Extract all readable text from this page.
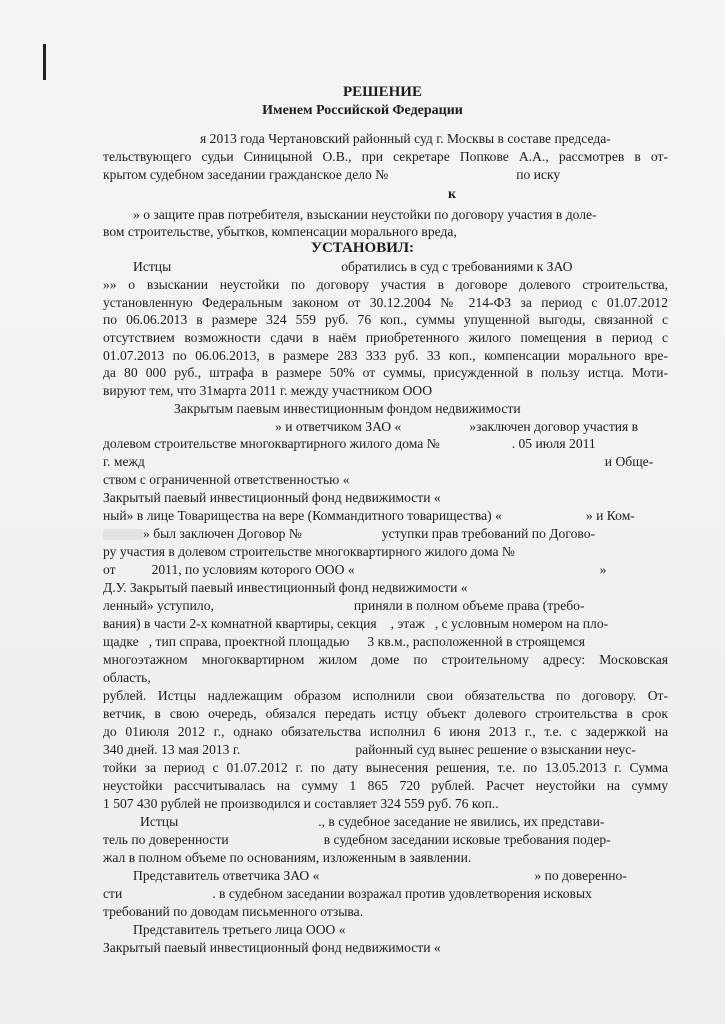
РЕШЕНИЕ
Именем Российской Федерации
я 2013 года Чертановский районный суд г. Москвы в составе председа-
тельствующего судьи Синицыной О.В., при секретаре Попкове А.А., рассмотрев в от-
крытом судебном заседании гражданское дело №	по иску
к
» о защите прав потребителя, взыскании неустойки по договору участия в доле-
вом строительстве, убытков, компенсации морального вреда,
УСТАНОВИЛ:
Истцы	обратились в суд с требованиями к ЗАО
»» о взыскании неустойки по договору участия в договоре долевого строительства,
установленную Федеральным законом от 30.12.2004 № 214-ФЗ за период с 01.07.2012
по 06.06.2013 в размере 324 559 руб. 76 коп., суммы упущенной выгоды, связанной с
отсутствием возможности сдачи в наём приобретенного жилого помещения в период с
01.07.2013 по 06.06.2013, в размере 283 333 руб. 33 коп., компенсации морального вре-
да 80 000 руб., штрафа в размере 50% от суммы, присужденной в пользу истца. Моти-
вируют тем, что 31марта 2011 г. между участником ООО
Закрытым паевым инвестиционным фондом недвижимости
» и ответчиком ЗАО «	»заключен договор участия в
долевом строительстве многоквартирного жилого дома №	. 05 июля 2011
г. межд	и Обще-
ством с ограниченной ответственностью «
Закрытый паевый инвестиционный фонд недвижимости «
ный» в лице Товарищества на вере (Коммандитного товарищества) «	» и Ком-
» был заключен Договор №	уступки прав требований по Догово-
ру участия в долевом строительстве многоквартирного жилого дома №
от	2011, по условиям которого ООО «	»
Д.У. Закрытый паевый инвестиционный фонд недвижимости «
ленный» уступило,	приняли в полном объеме права (требо-
вания) в части 2-х комнатной квартиры, секция , этаж , с условным номером на пло-
щадке , тип справа, проектной площадью 3 кв.м., расположенной в строящемся
многоэтажном многоквартирном жилом доме по строительному адресу: Московская
область,
рублей. Истцы надлежащим образом исполнили свои обязательства по договору. От-
ветчик, в свою очередь, обязался передать истцу объект долевого строительства в срок
до 01июля 2012 г., однако обязательства исполнил 6 июня 2013 г., т.е. с задержкой на
340 дней. 13 мая 2013 г.	районный суд вынес решение о взыскании неус-
тойки за период с 01.07.2012 г. по дату вынесения решения, т.е. по 13.05.2013 г. Сумма
неустойки рассчитывалась на сумму 1 865 720 рублей. Расчет неустойки на сумму
1 507 430 рублей не производился и составляет 324 559 руб. 76 коп..
Истцы	., в судебное заседание не явились, их представи-
тель по доверенности	в судебном заседании исковые требования подер-
жал в полном объеме по основаниям, изложенным в заявлении.
Представитель ответчика ЗАО «	» по доверенно-
сти	. в судебном заседании возражал против удовлетворения исковых
требований по доводам письменного отзыва.
Представитель третьего лица ООО «
Закрытый паевый инвестиционный фонд недвижимости «
